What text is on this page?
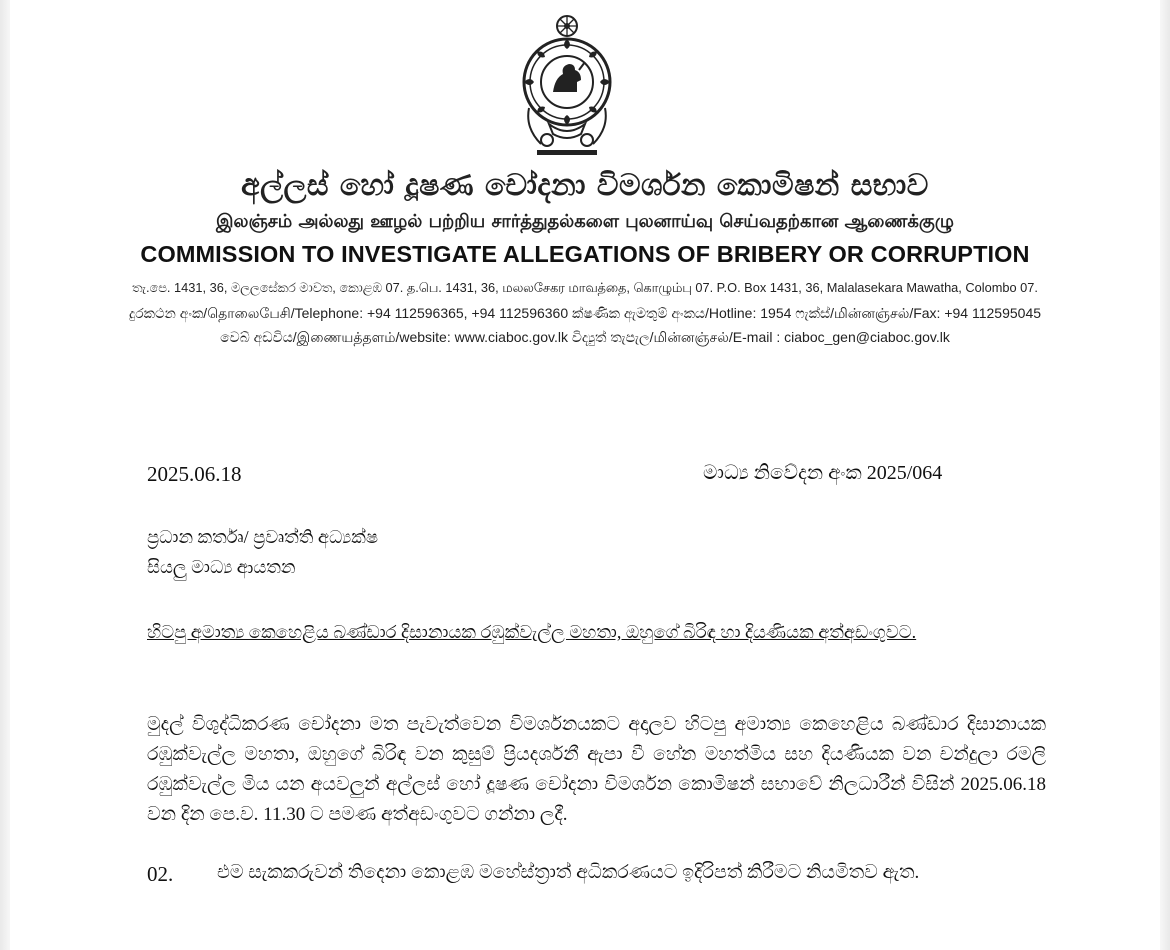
අල්ලස් හෝ දූෂණ චෝදනා විමර්ශන කොමිෂන් සභාව
இலஞ்சம் அல்லது ஊழல் பற்றிய சார்த்துதல்களை புலனாய்வு செய்வதற்கான ஆணைக்குழு
COMMISSION TO INVESTIGATE ALLEGATIONS OF BRIBERY OR CORRUPTION
තැ.පෙ. 1431, 36, මලලසේකර මාවත, කොළඹ 07. த.பெ. 1431, 36, மலலசேகர மாவத்தை, கொழும்பு 07. P.O. Box 1431, 36, Malalasekara Mawatha, Colombo 07.
දුරකථන අංක/தொலைபேசி/Telephone: +94 112596365, +94 112596360 ක්ෂණික ඇමතුම් අංකය/Hotline: 1954 ෆැක්ස්/மின்னஞ்சல்/Fax: +94 112595045
වෙබ් අඩවිය/இணையத்தளம்/website: www.ciaboc.gov.lk විද්‍යුත් තැපැල/மின்னஞ்சல்/E-mail : ciaboc_gen@ciaboc.gov.lk
2025.06.18	මාධ්‍ය නිවේදන අංක 2025/064
ප්‍රධාන කර්තෘ/ ප්‍රවෘත්ති අධ්‍යක්ෂ
සියලු මාධ්‍ය ආයතන

හිටපු අමාත්‍ය කෙහෙළිය බණ්ඩාර දිසානායක රඹුක්වැල්ල මහතා, ඔහුගේ බිරිඳ හා දියණියක අත්අඩංගුවට.

මුදල් විශුද්ධිකරණ චෝදනා මත පැවැත්වෙන විමර්ශනයකට අදාලව හිටපු අමාත්‍ය කෙහෙළිය බණ්ඩාර දිසානායක රඹුක්වැල්ල මහතා, ඔහුගේ බිරිඳ වන කුසුම් ප්‍රියදර්ශනී ඇපා වී හේන මහත්මිය සහ දියණියක වන චන්දුලා රමලි රඹුක්වැල්ල මිය යන අයවලුන් අල්ලස් හෝ දූෂණ චෝදනා විමර්ශන කොමිෂන් සභාවේ නිලධාරීන් විසින් 2025.06.18 වන දින පෙ.ව. 11.30 ට පමණ අත්අඩංගුවට ගන්නා ලදී.

02. එම සැකකරුවන් තිදෙනා කොළඹ මහේස්ත්‍රාත් අධිකරණයට ඉදිරිපත් කිරීමට නියමිතව ඇත.
